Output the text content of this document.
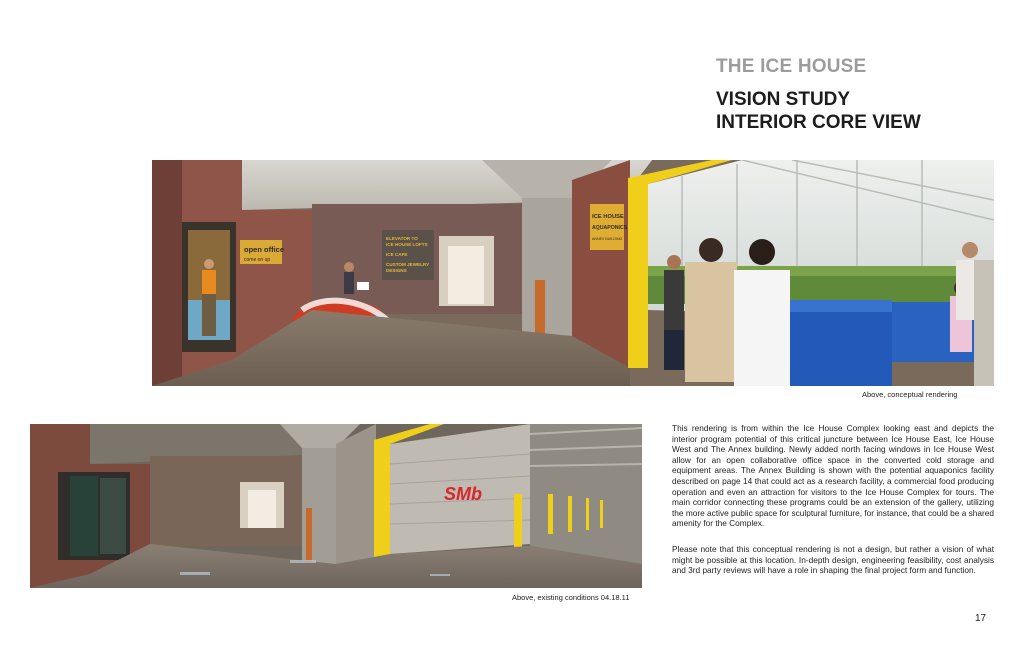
THE ICE HOUSE

VISION STUDY

INTERIOR CORE VIEW

open office
come on up
ELEVATOR TO
ICE HOUSE LOFTS
ICE CAFE
CUSTOM JEWELRY
DESIGNS
ICE HOUSE
AQUAPONICS
ANNEX BUILDING
Above, conceptual rendering
SMb
Above, existing conditions 04.18.11

This rendering is from within the Ice House Complex looking east and depicts the interior program potential of this critical juncture between Ice House East, Ice House West and The Annex building. Newly added north facing windows in Ice House West allow for an open collaborative office space in the converted cold storage and equipment areas. The Annex Building is shown with the potential aquaponics facility described on page 14 that could act as a research facility, a commercial food producing operation and even an attraction for visitors to the Ice House Complex for tours. The main corridor connecting these programs could be an extension of the gallery, utilizing the more active public space for sculptural furniture, for instance, that could be a shared amenity for the Complex.

Please note that this conceptual rendering is not a design, but rather a vision of what might be possible at this location. In-depth design, engineering feasibility, cost analysis and 3rd party reviews will have a role in shaping the final project form and function.

17
